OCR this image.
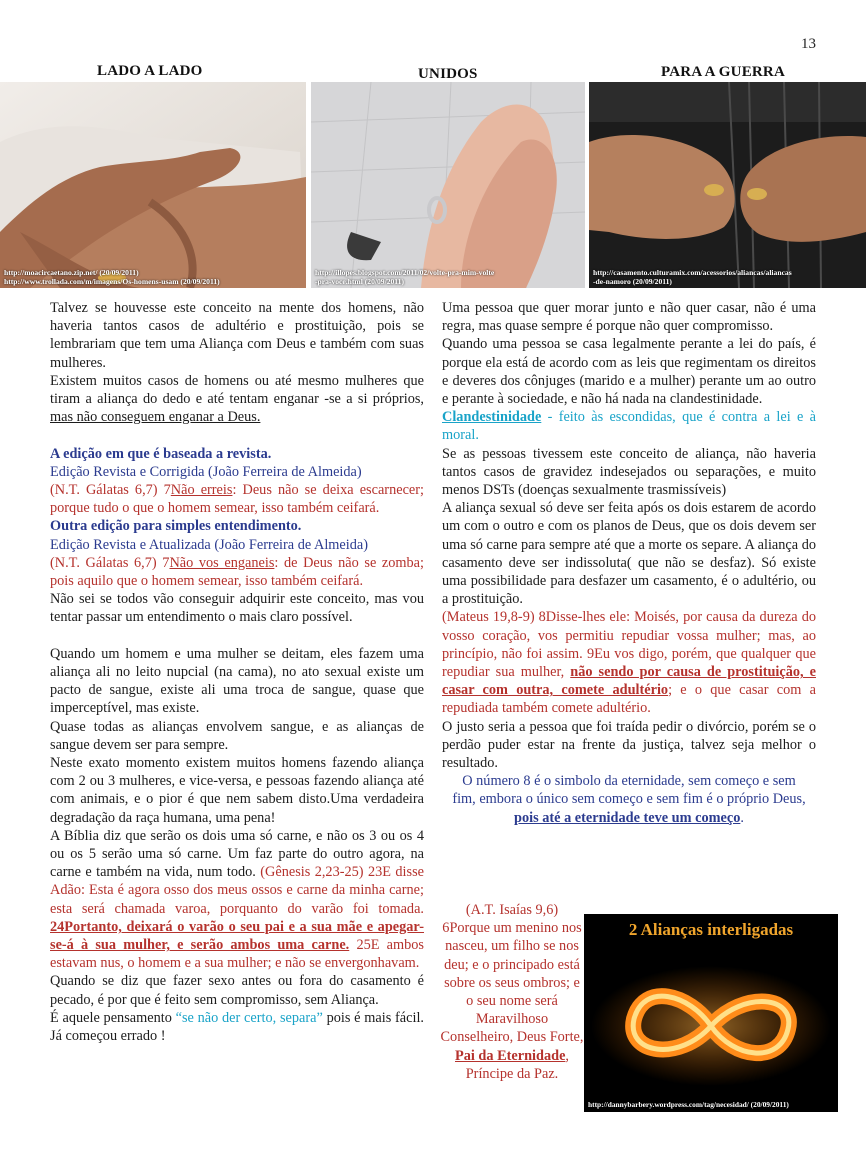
13
LADO A LADO	UNIDOS	PARA A GUERRA
http://moacircaetano.zip.net/ (20/09/2011)
http://www.trollada.com/m/imagens/Os-homens-usam (20/09/2011)
http://illopes.blogspot.com/2011/02/volte-pra-mim-volte
-pra-voce.html (20/09/2011)
http://casamento.culturamix.com/acessorios/aliancas/aliancas
-de-namoro (20/09/2011)

Talvez se houvesse este conceito na mente dos homens, não haveria tantos casos de adultério e prostituição, pois se lembrariam que tem uma Aliança com Deus e também com suas mulheres.

Existem muitos casos de homens ou até mesmo mulheres que tiram a aliança do dedo e até tentam enganar -se a si próprios, mas não conseguem enganar a Deus.

A edição em que é baseada a revista.

Edição Revista e Corrigida (João Ferreira de Almeida)

(N.T. Gálatas 6,7) 7Não erreis: Deus não se deixa escarnecer; porque tudo o que o homem semear, isso também ceifará.

Outra edição para simples entendimento.

Edição Revista e Atualizada (João Ferreira de Almeida)

(N.T. Gálatas 6,7) 7Não vos enganeis: de Deus não se zomba; pois aquilo que o homem semear, isso também ceifará.

Não sei se todos vão conseguir adquirir este conceito, mas vou tentar passar um entendimento o mais claro possível.

Quando um homem e uma mulher se deitam, eles fazem uma aliança ali no leito nupcial (na cama), no ato sexual existe um pacto de sangue, existe ali uma troca de sangue, quase que imperceptível, mas existe.

Quase todas as alianças envolvem sangue, e as alianças de sangue devem ser para sempre.

Neste exato momento existem muitos homens fazendo aliança com 2 ou 3 mulheres, e vice-versa, e pessoas fazendo aliança até com animais, e o pior é que nem sabem disto.Uma verdadeira degradação da raça humana, uma pena!

A Bíblia diz que serão os dois uma só carne, e não os 3 ou os 4 ou os 5 serão uma só carne. Um faz parte do outro agora, na carne e também na vida, num todo. (Gênesis 2,23-25) 23E disse Adão: Esta é agora osso dos meus ossos e carne da minha carne; esta será chamada varoa, porquanto do varão foi tomada. 24Portanto, deixará o varão o seu pai e a sua mãe e apegar-se-á à sua mulher, e serão ambos uma carne. 25E ambos estavam nus, o homem e a sua mulher; e não se envergonhavam.

Quando se diz que fazer sexo antes ou fora do casamento é pecado, é por que é feito sem compromisso, sem Aliança.

É aquele pensamento “se não der certo, separa” pois é mais fácil. Já começou errado !

Uma pessoa que quer morar junto e não quer casar, não é uma regra, mas quase sempre é porque não quer compromisso.

Quando uma pessoa se casa legalmente perante a lei do país, é porque ela está de acordo com as leis que regimentam os direitos e deveres dos cônjuges (marido e a mulher) perante um ao outro e perante à sociedade, e não há nada na clandestinidade.

Clandestinidade - feito às escondidas, que é contra a lei e à moral.

Se as pessoas tivessem este conceito de aliança, não haveria tantos casos de gravidez indesejados ou separações, e muito menos DSTs (doenças sexualmente trasmissíveis)

A aliança sexual só deve ser feita após os dois estarem de acordo um com o outro e com os planos de Deus, que os dois devem ser uma só carne para sempre até que a morte os separe. A aliança do casamento deve ser indissoluta( que não se desfaz). Só existe uma possibilidade para desfazer um casamento, é o adultério, ou a prostituição.

(Mateus 19,8-9) 8Disse-lhes ele: Moisés, por causa da dureza do vosso coração, vos permitiu repudiar vossa mulher; mas, ao princípio, não foi assim. 9Eu vos digo, porém, que qualquer que repudiar sua mulher, não sendo por causa de prostituição, e casar com outra, comete adultério; e o que casar com a repudiada também comete adultério.

O justo seria a pessoa que foi traída pedir o divórcio, porém se o perdão puder estar na frente da justiça, talvez seja melhor o resultado.

O número 8 é o simbolo da eternidade, sem começo e sem fim, embora o único sem começo e sem fim é o próprio Deus, pois até a eternidade teve um começo.

(A.T. Isaías 9,6)
6Porque um menino nos nasceu, um filho se nos deu; e o principado está sobre os seus ombros; e o seu nome será Maravilhoso Conselheiro, Deus Forte, Pai da Eternidade, Príncipe da Paz.
2 Alianças interligadas
http://dannybarbery.wordpress.com/tag/necesidad/ (20/09/2011)
